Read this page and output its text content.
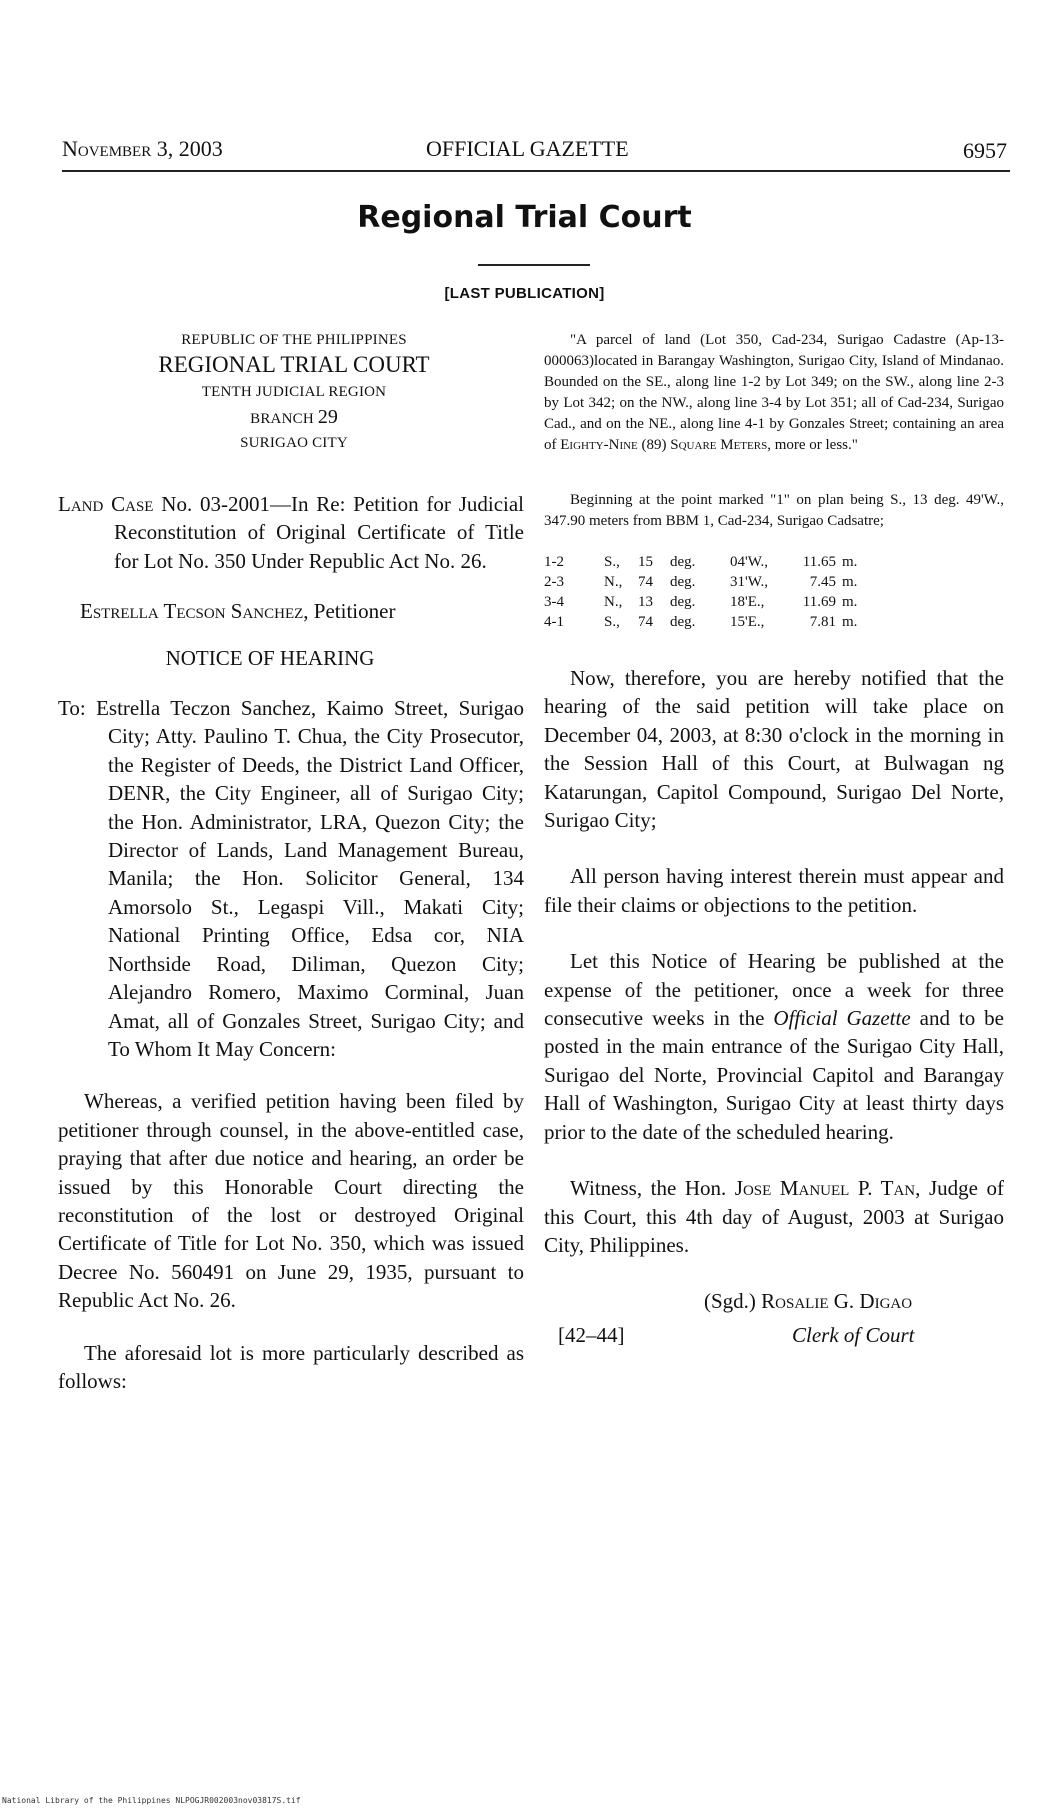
November 3, 2003	OFFICIAL GAZETTE	6957
Regional Trial Court
[LAST PUBLICATION]
REPUBLIC OF THE PHILIPPINES
REGIONAL TRIAL COURT
TENTH JUDICIAL REGION
BRANCH 29
SURIGAO CITY
Land Case No. 03-2001—In Re: Petition for Judicial Reconstitution of Original Certificate of Title for Lot No. 350 Under Republic Act No. 26.
Estrella Tecson Sanchez, Petitioner
NOTICE OF HEARING
To: Estrella Teczon Sanchez, Kaimo Street, Surigao City; Atty. Paulino T. Chua, the City Prosecutor, the Register of Deeds, the District Land Officer, DENR, the City Engineer, all of Surigao City; the Hon. Administrator, LRA, Quezon City; the Director of Lands, Land Management Bureau, Manila; the Hon. Solicitor General, 134 Amorsolo St., Legaspi Vill., Makati City; National Printing Office, Edsa cor, NIA Northside Road, Diliman, Quezon City; Alejandro Romero, Maximo Corminal, Juan Amat, all of Gonzales Street, Surigao City; and To Whom It May Concern:
Whereas, a verified petition having been filed by petitioner through counsel, in the above-entitled case, praying that after due notice and hearing, an order be issued by this Honorable Court directing the reconstitution of the lost or destroyed Original Certificate of Title for Lot No. 350, which was issued Decree No. 560491 on June 29, 1935, pursuant to Republic Act No. 26.
The aforesaid lot is more particularly described as follows:
"A parcel of land (Lot 350, Cad-234, Surigao Cadastre (Ap-13-000063)located in Barangay Washington, Surigao City, Island of Mindanao. Bounded on the SE., along line 1-2 by Lot 349; on the SW., along line 2-3 by Lot 342; on the NW., along line 3-4 by Lot 351; all of Cad-234, Surigao Cad., and on the NE., along line 4-1 by Gonzales Street; containing an area of Eighty-Nine (89) Square Meters, more or less."
Beginning at the point marked "1" on plan being S., 13 deg. 49'W., 347.90 meters from BBM 1, Cad-234, Surigao Cadsatre;
1-2	S.,	15	deg.	04'W.,	11.65	m.
2-3	N.,	74	deg.	31'W.,	7.45	m.
3-4	N.,	13	deg.	18'E.,	11.69	m.
4-1	S.,	74	deg.	15'E.,	7.81	m.
Now, therefore, you are hereby notified that the hearing of the said petition will take place on December 04, 2003, at 8:30 o'clock in the morning in the Session Hall of this Court, at Bulwagan ng Katarungan, Capitol Compound, Surigao Del Norte, Surigao City;
All person having interest therein must appear and file their claims or objections to the petition.
Let this Notice of Hearing be published at the expense of the petitioner, once a week for three consecutive weeks in the Official Gazette and to be posted in the main entrance of the Surigao City Hall, Surigao del Norte, Provincial Capitol and Barangay Hall of Washington, Surigao City at least thirty days prior to the date of the scheduled hearing.
Witness, the Hon. Jose Manuel P. Tan, Judge of this Court, this 4th day of August, 2003 at Surigao City, Philippines.
(Sgd.) Rosalie G. Digao
[42–44]	Clerk of Court
National Library of the Philippines NLPOGJR002003nov03817S.tif
